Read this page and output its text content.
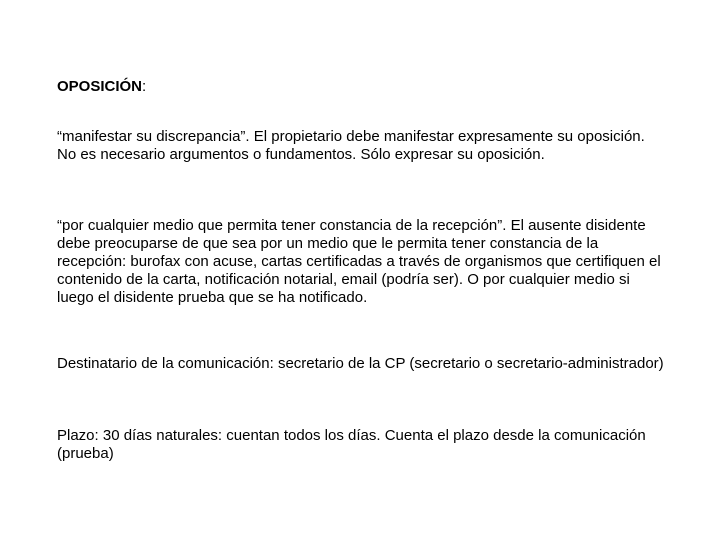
OPOSICIÓN:

“manifestar su discrepancia”. El propietario debe manifestar expresamente su oposición. No es necesario argumentos o fundamentos. Sólo expresar su oposición.

“por cualquier medio que permita tener constancia de la recepción”. El ausente disidente debe preocuparse de que sea por un medio que le permita tener constancia de la recepción: burofax con acuse, cartas certificadas a través de organismos que certifiquen el contenido de la carta, notificación notarial, email (podría ser). O por cualquier medio si luego el disidente prueba que se ha notificado.

Destinatario de la comunicación: secretario de la CP (secretario o secretario-administrador)

Plazo: 30 días naturales: cuentan todos los días. Cuenta el plazo desde la comunicación (prueba)
